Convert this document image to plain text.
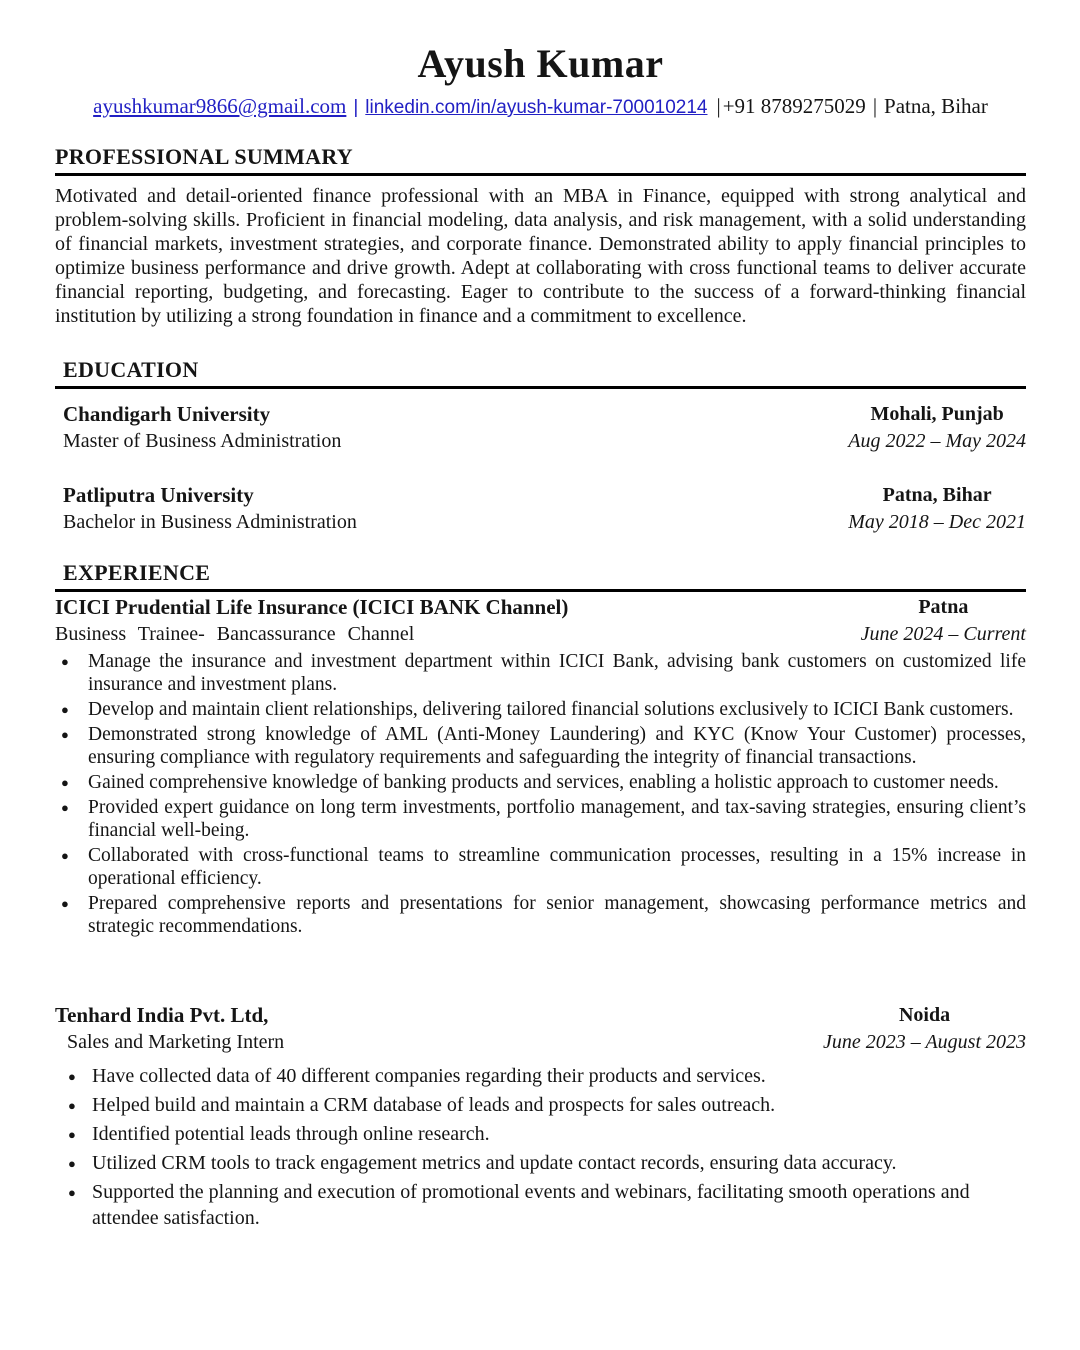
Ayush Kumar
ayushkumar9866@gmail.com | linkedin.com/in/ayush-kumar-700010214 |+91 8789275029 | Patna, Bihar
PROFESSIONAL SUMMARY

Motivated and detail-oriented finance professional with an MBA in Finance, equipped with strong analytical and problem-solving skills. Proficient in financial modeling, data analysis, and risk management, with a solid understanding of financial markets, investment strategies, and corporate finance. Demonstrated ability to apply financial principles to optimize business performance and drive growth. Adept at collaborating with cross functional teams to deliver accurate financial reporting, budgeting, and forecasting. Eager to contribute to the success of a forward-thinking financial institution by utilizing a strong foundation in finance and a commitment to excellence.

EDUCATION
Chandigarh University
Master of Business Administration
Mohali, Punjab
Aug 2022 – May 2024
Patliputra University
Bachelor in Business Administration
Patna, Bihar
May 2018 – Dec 2021
EXPERIENCE
ICICI Prudential Life Insurance (ICICI BANK Channel)
Business Trainee- Bancassurance Channel
Patna
June 2024 – Current
● Manage the insurance and investment department within ICICI Bank, advising bank customers on customized life insurance and investment plans.
● Develop and maintain client relationships, delivering tailored financial solutions exclusively to ICICI Bank customers.
● Demonstrated strong knowledge of AML (Anti-Money Laundering) and KYC (Know Your Customer) processes, ensuring compliance with regulatory requirements and safeguarding the integrity of financial transactions.
● Gained comprehensive knowledge of banking products and services, enabling a holistic approach to customer needs.
● Provided expert guidance on long term investments, portfolio management, and tax-saving strategies, ensuring client’s financial well-being.
● Collaborated with cross-functional teams to streamline communication processes, resulting in a 15% increase in operational efficiency.
● Prepared comprehensive reports and presentations for senior management, showcasing performance metrics and strategic recommendations.
Tenhard India Pvt. Ltd,
Sales and Marketing Intern
Noida
June 2023 – August 2023
● Have collected data of 40 different companies regarding their products and services.
● Helped build and maintain a CRM database of leads and prospects for sales outreach.
● Identified potential leads through online research.
● Utilized CRM tools to track engagement metrics and update contact records, ensuring data accuracy.
● Supported the planning and execution of promotional events and webinars, facilitating smooth operations and attendee satisfaction.
